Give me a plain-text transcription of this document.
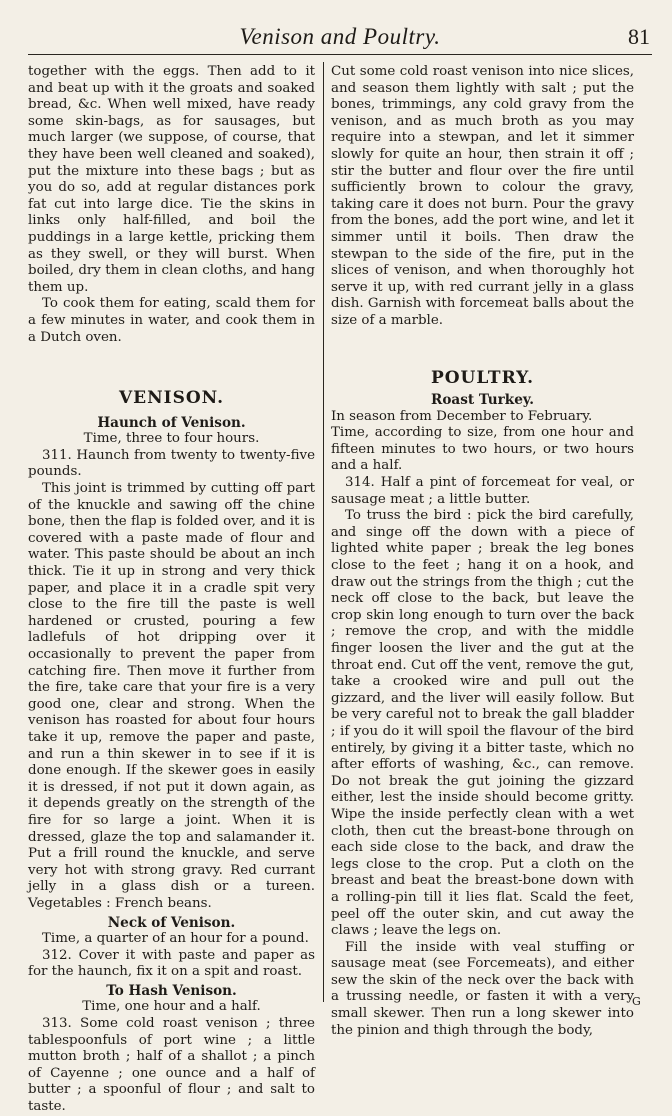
Venison and Poultry.	81

together with the eggs. Then add to it and beat up with it the groats and soaked bread, &c. When well mixed, have ready some skin-bags, as for sausages, but much larger (we suppose, of course, that they have been well cleaned and soaked), put the mixture into these bags ; but as you do so, add at regular distances pork fat cut into large dice. Tie the skins in links only half-filled, and boil the puddings in a large kettle, pricking them as they swell, or they will burst. When boiled, dry them in clean cloths, and hang them up.

To cook them for eating, scald them for a few minutes in water, and cook them in a Dutch oven.

VENISON.
Haunch of Venison.

Time, three to four hours.

311. Haunch from twenty to twenty-five pounds.

This joint is trimmed by cutting off part of the knuckle and sawing off the chine bone, then the flap is folded over, and it is covered with a paste made of flour and water. This paste should be about an inch thick. Tie it up in strong and very thick paper, and place it in a cradle spit very close to the fire till the paste is well hardened or crusted, pouring a few ladlefuls of hot dripping over it occasionally to prevent the paper from catching fire. Then move it further from the fire, take care that your fire is a very good one, clear and strong. When the venison has roasted for about four hours take it up, remove the paper and paste, and run a thin skewer in to see if it is done enough. If the skewer goes in easily it is dressed, if not put it down again, as it depends greatly on the strength of the fire for so large a joint. When it is dressed, glaze the top and salamander it. Put a frill round the knuckle, and serve very hot with strong gravy. Red currant jelly in a glass dish or a tureen. Vegetables : French beans.

Neck of Venison.

Time, a quarter of an hour for a pound.

312. Cover it with paste and paper as for the haunch, fix it on a spit and roast.

To Hash Venison.

Time, one hour and a half.

313. Some cold roast venison ; three tablespoonfuls of port wine ; a little mutton broth ; half of a shallot ; a pinch of Cayenne ; one ounce and a half of butter ; a spoonful of flour ; and salt to taste.

Cut some cold roast venison into nice slices, and season them lightly with salt ; put the bones, trimmings, any cold gravy from the venison, and as much broth as you may require into a stewpan, and let it simmer slowly for quite an hour, then strain it off ; stir the butter and flour over the fire until sufficiently brown to colour the gravy, taking care it does not burn. Pour the gravy from the bones, add the port wine, and let it simmer until it boils. Then draw the stewpan to the side of the fire, put in the slices of venison, and when thoroughly hot serve it up, with red currant jelly in a glass dish. Garnish with forcemeat balls about the size of a marble.

POULTRY.
Roast Turkey.

In season from December to February.

Time, according to size, from one hour and fifteen minutes to two hours, or two hours and a half.

314. Half a pint of forcemeat for veal, or sausage meat ; a little butter.

To truss the bird : pick the bird carefully, and singe off the down with a piece of lighted white paper ; break the leg bones close to the feet ; hang it on a hook, and draw out the strings from the thigh ; cut the neck off close to the back, but leave the crop skin long enough to turn over the back ; remove the crop, and with the middle finger loosen the liver and the gut at the throat end. Cut off the vent, remove the gut, take a crooked wire and pull out the gizzard, and the liver will easily follow. But be very careful not to break the gall bladder ; if you do it will spoil the flavour of the bird entirely, by giving it a bitter taste, which no after efforts of washing, &c., can remove. Do not break the gut joining the gizzard either, lest the inside should become gritty. Wipe the inside perfectly clean with a wet cloth, then cut the breast-bone through on each side close to the back, and draw the legs close to the crop. Put a cloth on the breast and beat the breast-bone down with a rolling-pin till it lies flat. Scald the feet, peel off the outer skin, and cut away the claws ; leave the legs on.

Fill the inside with veal stuffing or sausage meat (see Forcemeats), and either sew the skin of the neck over the back with a trussing needle, or fasten it with a very small skewer. Then run a long skewer into the pinion and thigh through the body,

G
